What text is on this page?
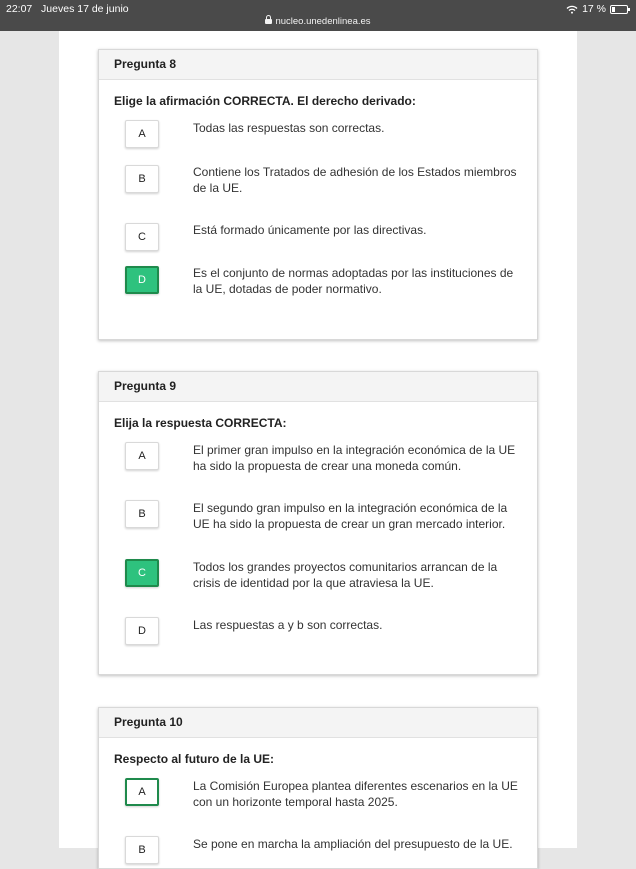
22:07 Jueves 17 de junio
nucleo.unedenlinea.es
17 %
Pregunta 8
Elige la afirmación CORRECTA. El derecho derivado:
A	Todas las respuestas son correctas.
B	Contiene los Tratados de adhesión de los Estados miembros de la UE.
C	Está formado únicamente por las directivas.
D	Es el conjunto de normas adoptadas por las instituciones de la UE, dotadas de poder normativo.
Pregunta 9
Elija la respuesta CORRECTA:
A	El primer gran impulso en la integración económica de la UE ha sido la propuesta de crear una moneda común.
B	El segundo gran impulso en la integración económica de la UE ha sido la propuesta de crear un gran mercado interior.
C	Todos los grandes proyectos comunitarios arrancan de la crisis de identidad por la que atraviesa la UE.
D	Las respuestas a y b son correctas.
Pregunta 10
Respecto al futuro de la UE:
A	La Comisión Europea plantea diferentes escenarios en la UE con un horizonte temporal hasta 2025.
B	Se pone en marcha la ampliación del presupuesto de la UE.
